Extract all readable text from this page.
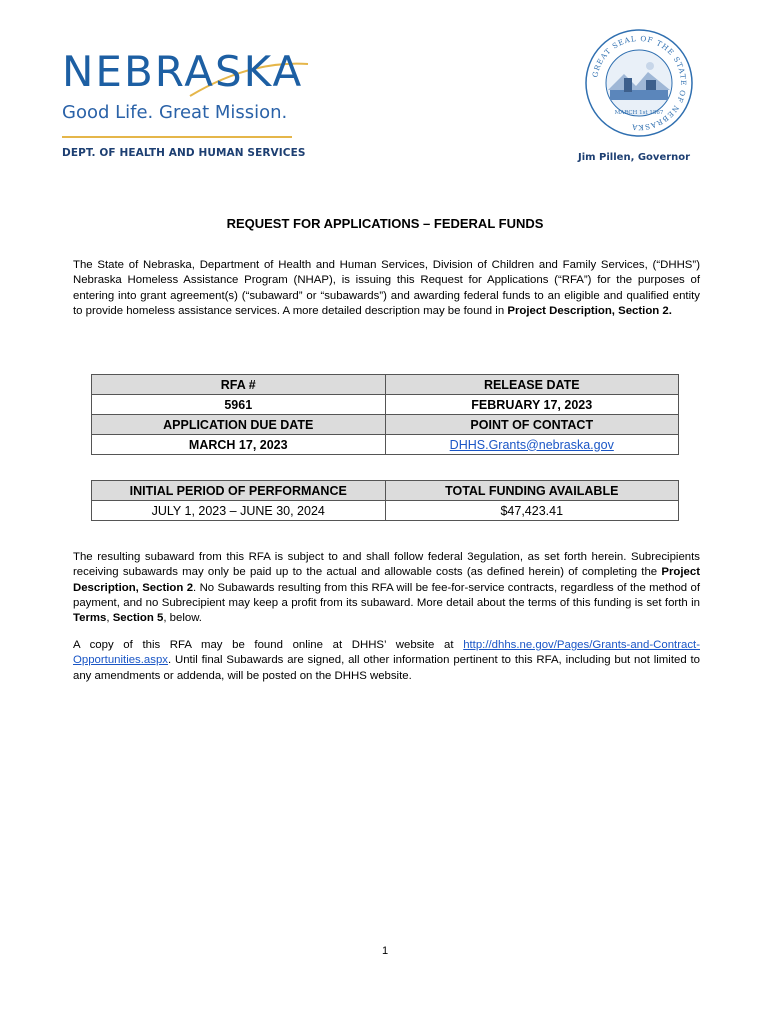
NEBRASKA
Good Life. Great Mission.
DEPT. OF HEALTH AND HUMAN SERVICES
GREAT SEAL OF THE STATE OF NEBRASKA
MARCH 1st 1867
Jim Pillen, Governor
REQUEST FOR APPLICATIONS – FEDERAL FUNDS

The State of Nebraska, Department of Health and Human Services, Division of Children and Family Services, (“DHHS”) Nebraska Homeless Assistance Program (NHAP), is issuing this Request for Applications (“RFA”) for the purposes of entering into grant agreement(s) (“subaward” or “subawards”) and awarding federal funds to an eligible and qualified entity to provide homeless assistance services. A more detailed description may be found in Project Description, Section 2.

RFA #	RELEASE DATE
5961	FEBRUARY 17, 2023
APPLICATION DUE DATE	POINT OF CONTACT
MARCH 17, 2023	DHHS.Grants@nebraska.gov
INITIAL PERIOD OF PERFORMANCE	TOTAL FUNDING AVAILABLE
JULY 1, 2023 – JUNE 30, 2024	$47,423.41

The resulting subaward from this RFA is subject to and shall follow federal 3egulation, as set forth herein. Subrecipients receiving subawards may only be paid up to the actual and allowable costs (as defined herein) of completing the Project Description, Section 2. No Subawards resulting from this RFA will be fee-for-service contracts, regardless of the method of payment, and no Subrecipient may keep a profit from its subaward. More detail about the terms of this funding is set forth in Terms, Section 5, below.

A copy of this RFA may be found online at DHHS’ website at http://dhhs.ne.gov/Pages/Grants-and-Contract-Opportunities.aspx. Until final Subawards are signed, all other information pertinent to this RFA, including but not limited to any amendments or addenda, will be posted on the DHHS website.

1
